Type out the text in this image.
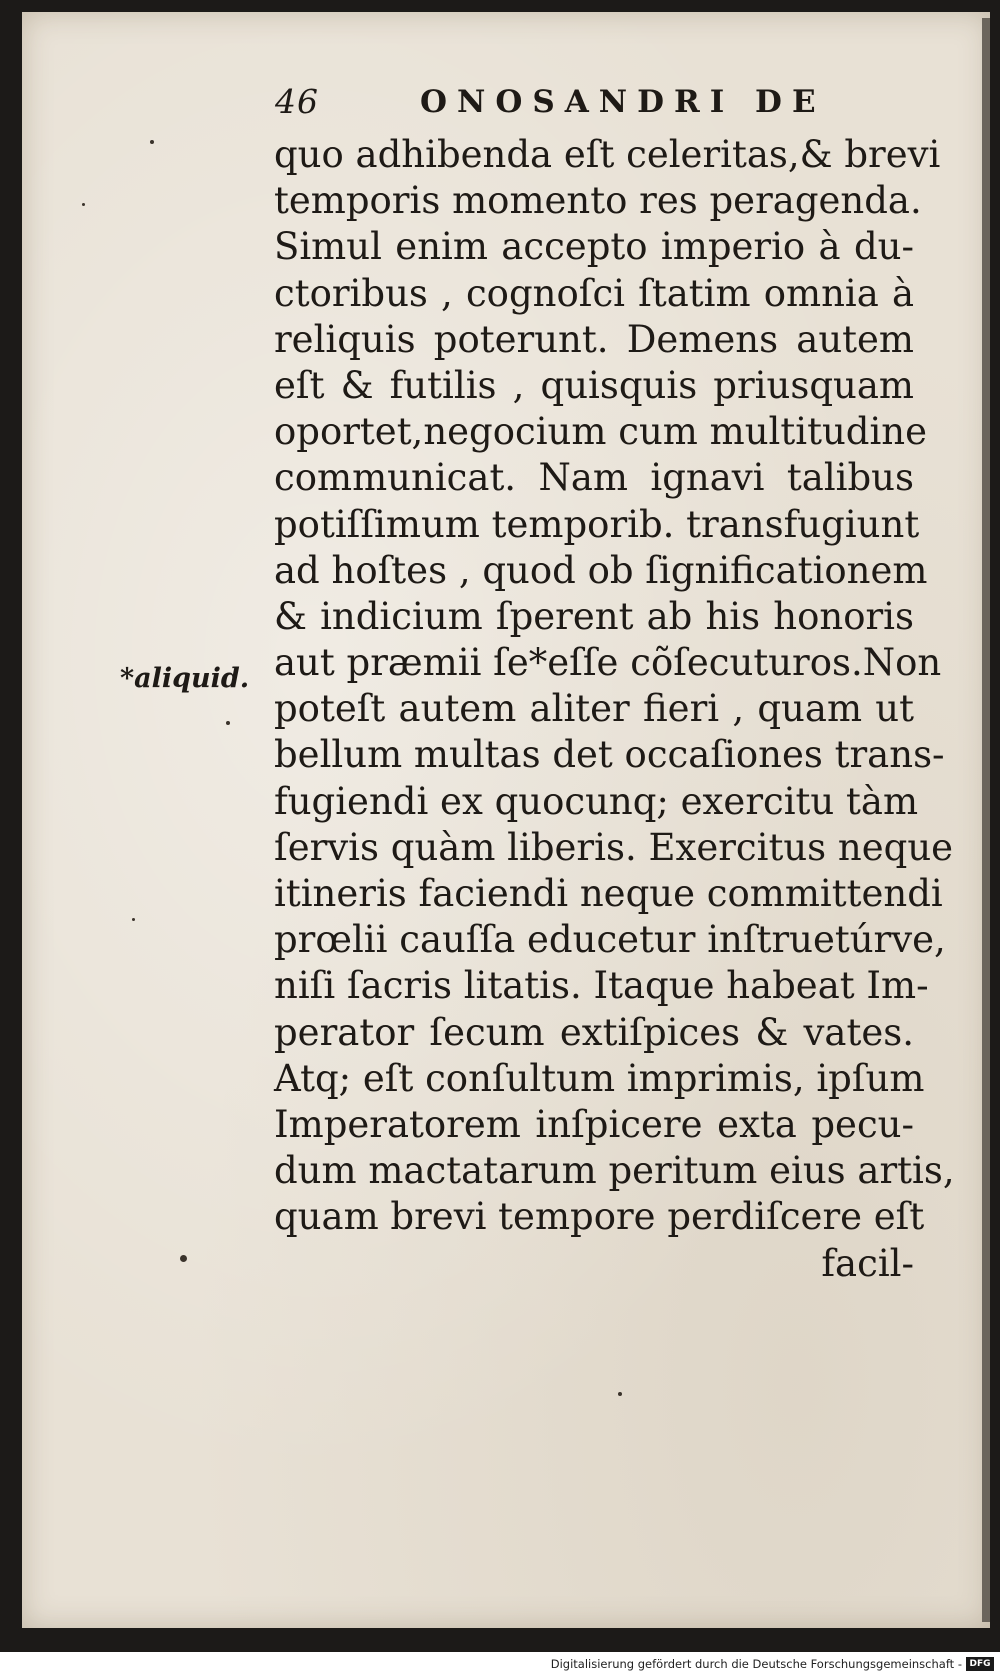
46	ONOSANDRI DE
*aliquid.
quo adhibenda eſt celeritas,& brevi
temporis momento res peragenda.
Simul enim accepto imperio à du-
ctoribus , cognoſci ſtatim omnia à
reliquis poterunt. Demens autem
eſt & futilis , quisquis priusquam
oportet,negocium cum multitudine
communicat. Nam ignavi talibus
potiſſimum temporib. transfugiunt
ad hoſtes , quod ob ſignificationem
& indicium ſperent ab his honoris
aut præmii ſe*eſſe cõſecuturos.Non
poteſt autem aliter fieri , quam ut
bellum multas det occaſiones trans-
fugiendi ex quocunq; exercitu tàm
ſervis quàm liberis. Exercitus neque
itineris faciendi neque committendi
prœlii cauſſa educetur inſtruetúrve,
niſi ſacris litatis. Itaque habeat Im-
perator ſecum extiſpices & vates.
Atq; eſt conſultum imprimis, ipſum
Imperatorem inſpicere exta pecu-
dum mactatarum peritum eius artis,
quam brevi tempore perdiſcere eſt
facil-
Digitalisierung gefördert durch die Deutsche Forschungsgemeinschaft - DFG
